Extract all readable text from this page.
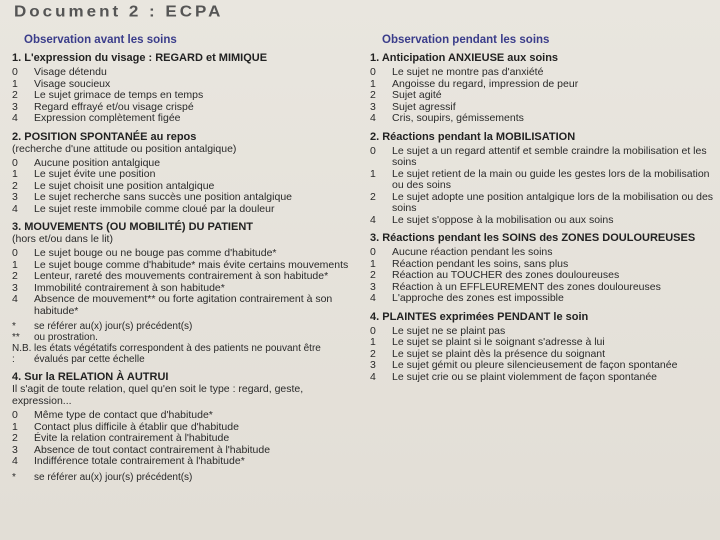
Document 2 : ECPA
Observation avant les soins
1. L'expression du visage : REGARD et MIMIQUE
0	Visage détendu
1	Visage soucieux
2	Le sujet grimace de temps en temps
3	Regard effrayé et/ou visage crispé
4	Expression complètement figée
2. POSITION SPONTANÉE au repos
(recherche d'une attitude ou position antalgique)
0	Aucune position antalgique
1	Le sujet évite une position
2	Le sujet choisit une position antalgique
3	Le sujet recherche sans succès une position antalgique
4	Le sujet reste immobile comme cloué par la douleur
3. MOUVEMENTS (OU MOBILITÉ) DU PATIENT
(hors et/ou dans le lit)
0	Le sujet bouge ou ne bouge pas comme d'habitude*
1	Le sujet bouge comme d'habitude* mais évite certains mouvements
2	Lenteur, rareté des mouvements contrairement à son habitude*
3	Immobilité contrairement à son habitude*
4	Absence de mouvement** ou forte agitation contrairement à son habitude*
*	se référer au(x) jour(s) précédent(s)
**	ou prostration.
N.B. :
les états végétatifs correspondent à des patients ne pouvant être évalués par cette échelle
4. Sur la RELATION À AUTRUI
Il s'agit de toute relation, quel qu'en soit le type : regard, geste, expression...
0	Même type de contact que d'habitude*
1	Contact plus difficile à établir que d'habitude
2	Évite la relation contrairement à l'habitude
3	Absence de tout contact contrairement à l'habitude
4	Indifférence totale contrairement à l'habitude*
*	se référer au(x) jour(s) précédent(s)
Observation pendant les soins
1. Anticipation ANXIEUSE aux soins
0	Le sujet ne montre pas d'anxiété
1	Angoisse du regard, impression de peur
2	Sujet agité
3	Sujet agressif
4	Cris, soupirs, gémissements
2. Réactions pendant la MOBILISATION
0	Le sujet a un regard attentif et semble craindre la mobilisation et les soins
1	Le sujet retient de la main ou guide les gestes lors de la mobilisation ou des soins
2	Le sujet adopte une position antalgique lors de la mobilisation ou des soins
4	Le sujet s'oppose à la mobilisation ou aux soins
3. Réactions pendant les SOINS des ZONES DOULOUREUSES
0	Aucune réaction pendant les soins
1	Réaction pendant les soins, sans plus
2	Réaction au TOUCHER des zones douloureuses
3	Réaction à un EFFLEUREMENT des zones douloureuses
4	L'approche des zones est impossible
4. PLAINTES exprimées PENDANT le soin
0	Le sujet ne se plaint pas
1	Le sujet se plaint si le soignant s'adresse à lui
2	Le sujet se plaint dès la présence du soignant
3	Le sujet gémit ou pleure silencieusement de façon spontanée
4	Le sujet crie ou se plaint violemment de façon spontanée
